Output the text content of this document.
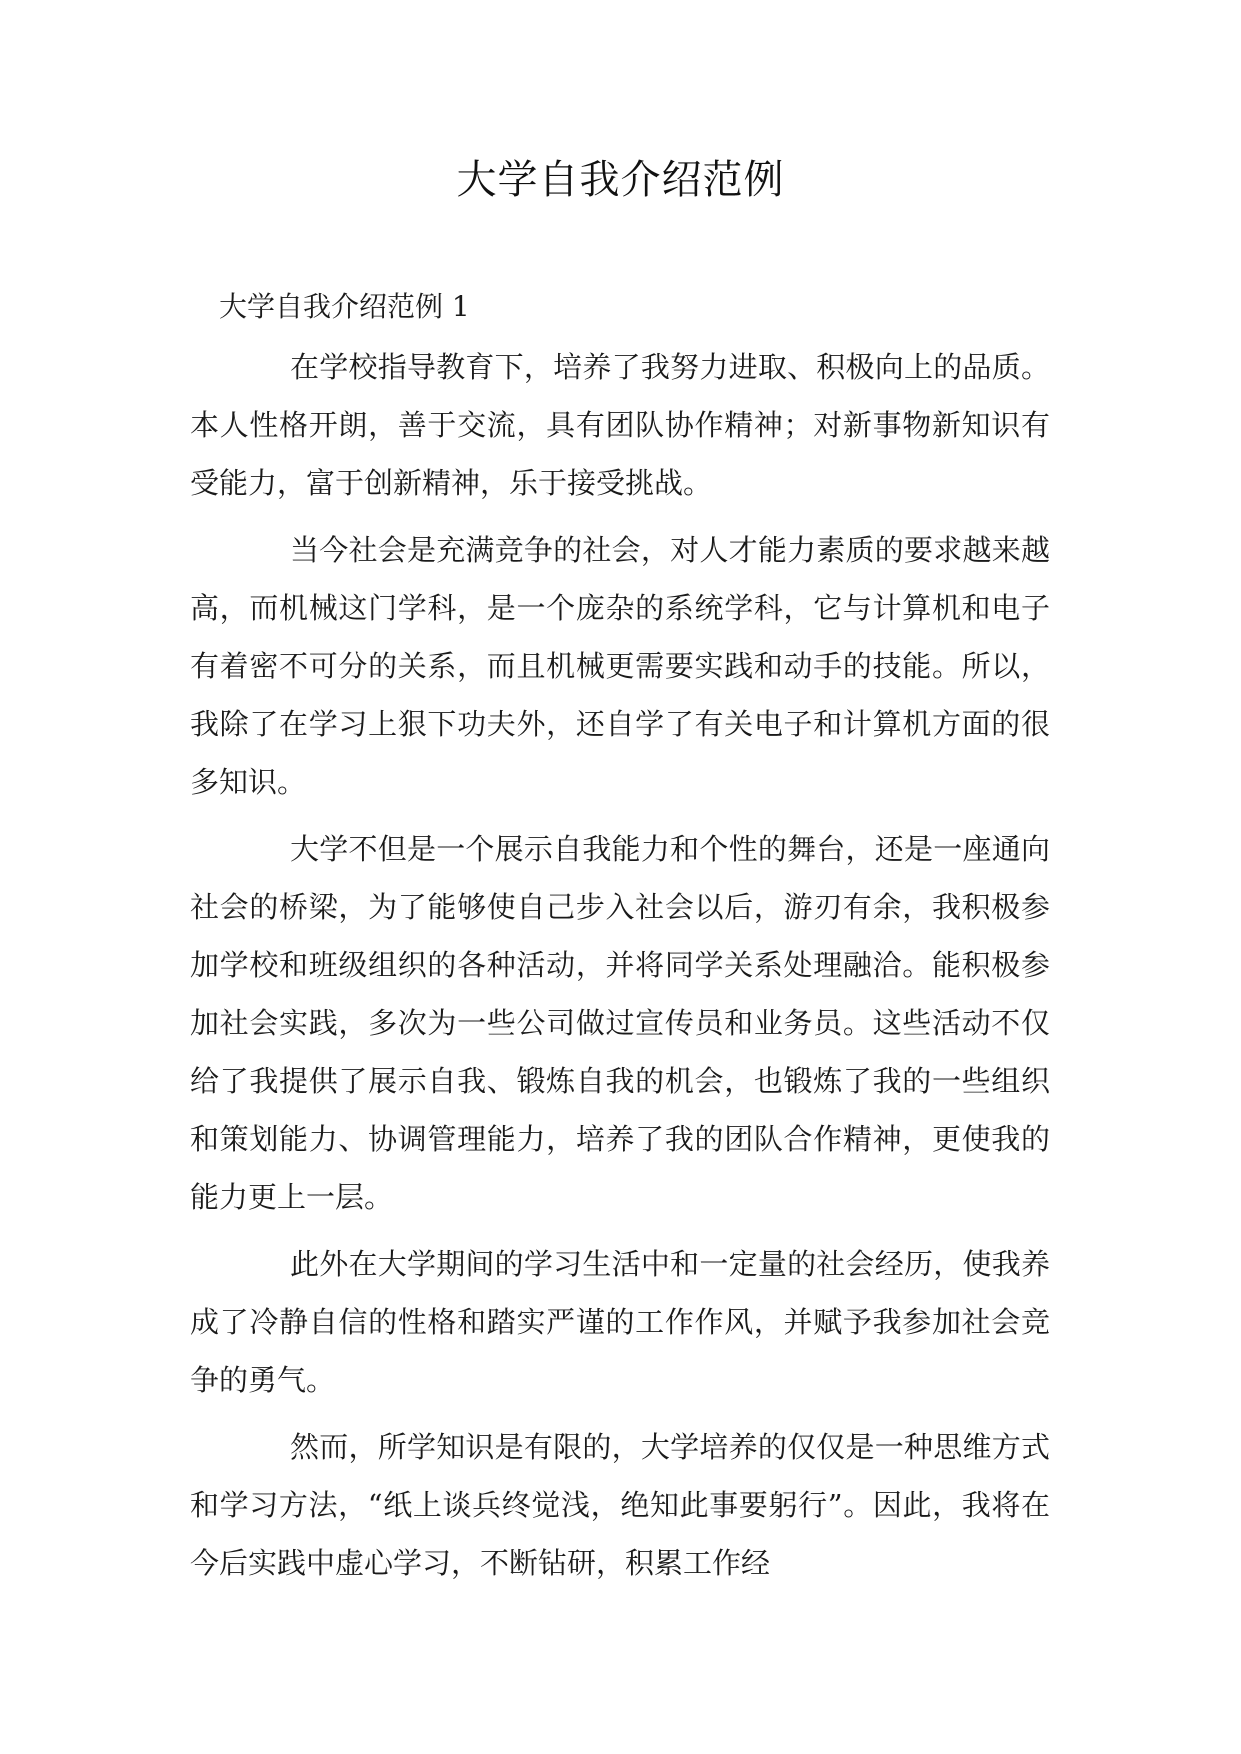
大学自我介绍范例
大学自我介绍范例 1

在学校指导教育下，培养了我努力进取、积极向上的品质。本人性格开朗，善于交流，具有团队协作精神；对新事物新知识有受能力，富于创新精神，乐于接受挑战。

当今社会是充满竞争的社会，对人才能力素质的要求越来越高，而机械这门学科，是一个庞杂的系统学科，它与计算机和电子有着密不可分的关系，而且机械更需要实践和动手的技能。所以，我除了在学习上狠下功夫外，还自学了有关电子和计算机方面的很多知识。

大学不但是一个展示自我能力和个性的舞台，还是一座通向社会的桥梁，为了能够使自己步入社会以后，游刃有余，我积极参加学校和班级组织的各种活动，并将同学关系处理融洽。能积极参加社会实践，多次为一些公司做过宣传员和业务员。这些活动不仅给了我提供了展示自我、锻炼自我的机会，也锻炼了我的一些组织和策划能力、协调管理能力，培养了我的团队合作精神，更使我的能力更上一层。

此外在大学期间的学习生活中和一定量的社会经历，使我养成了冷静自信的性格和踏实严谨的工作作风，并赋予我参加社会竞争的勇气。

然而，所学知识是有限的，大学培养的仅仅是一种思维方式和学习方法，“纸上谈兵终觉浅，绝知此事要躬行”。因此，我将在今后实践中虚心学习，不断钻研，积累工作经
